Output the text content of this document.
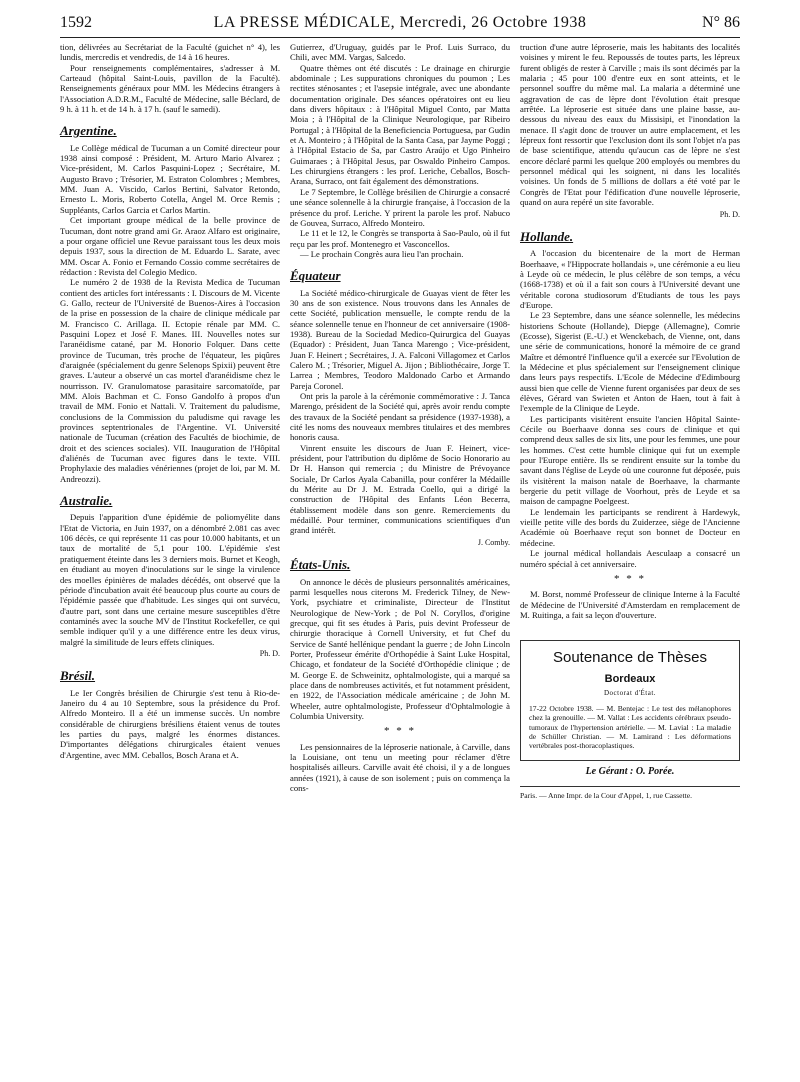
1592	LA PRESSE MÉDICALE, Mercredi, 26 Octobre 1938	N° 86

tion, délivrées au Secrétariat de la Faculté (guichet n° 4), les lundis, mercredis et vendredis, de 14 à 16 heures.

Pour renseignements complémentaires, s'adresser à M. Carteaud (hôpital Saint-Louis, pavillon de la Faculté). Renseignements généraux pour MM. les Médecins étrangers à l'Association A.D.R.M., Faculté de Médecine, salle Béclard, de 9 h. à 11 h. et de 14 h. à 17 h. (sauf le samedi).

Argentine.

Le Collège médical de Tucuman a un Comité directeur pour 1938 ainsi composé : Président, M. Arturo Mario Alvarez ; Vice-président, M. Carlos Pasquini-Lopez ; Secrétaire, M. Augusto Bravo ; Trésorier, M. Estraton Colombres ; Membres, MM. Juan A. Viscido, Carlos Bertini, Salvator Retondo, Ernesto L. Moris, Roberto Cotella, Angel M. Orce Remis ; Suppléants, Carlos Garcia et Carlos Martin.

Cet important groupe médical de la belle province de Tucuman, dont notre grand ami Gr. Araoz Alfaro est originaire, a pour organe officiel une Revue paraissant tous les deux mois depuis 1937, sous la direction de M. Eduardo L. Sarate, avec MM. Oscar A. Fonio et Fernando Cossio comme secrétaires de rédaction : Revista del Colegio Medico.

Le numéro 2 de 1938 de la Revista Medica de Tucuman contient des articles fort intéressants : I. Discours de M. Vicente G. Gallo, recteur de l'Université de Buenos-Aires à l'occasion de la prise en possession de la chaire de clinique médicale par M. Francisco C. Arillaga. II. Ectopie rénale par MM. C. Pasquini Lopez et José F. Manes. III. Nouvelles notes sur l'aranéidisme catané, par M. Honorio Folquer. Dans cette province de Tucuman, très proche de l'équateur, les piqûres d'araignée (spécialement du genre Selenops Spixii) peuvent être graves. L'auteur a observé un cas mortel d'aranéidisme chez le nourrisson. IV. Granulomatose parasitaire sarcomatoïde, par MM. Alois Bachman et C. Fonso Gandolfo à propos d'un travail de MM. Fonio et Nattali. V. Traitement du paludisme, conclusions de la Commission du paludisme qui ravage les provinces septentrionales de l'Argentine. VI. Université nationale de Tucuman (création des Facultés de biochimie, de droit et des sciences sociales). VII. Inauguration de l'Hôpital d'aliénés de Tucuman avec figures dans le texte. VIII. Prophylaxie des maladies vénériennes (projet de loi, par M. M. Andreozzi).

Australie.

Depuis l'apparition d'une épidémie de poliomyélite dans l'Etat de Victoria, en Juin 1937, on a dénombré 2.081 cas avec 106 décès, ce qui représente 11 cas pour 10.000 habitants, et un taux de mortalité de 5,1 pour 100. L'épidémie s'est pratiquement éteinte dans les 3 derniers mois. Burnet et Keogh, en étudiant au moyen d'inoculations sur le singe la virulence des moelles épinières de malades décédés, ont observé que la période d'incubation avait été beaucoup plus courte au cours de l'épidémie passée que d'habitude. Les singes qui ont survécu, d'autre part, sont dans une certaine mesure susceptibles d'être contaminés avec la souche MV de l'Institut Rockefeller, ce qui semble indiquer qu'il y a une différence entre les deux virus, malgré la similitude de leurs effets cliniques.

Ph. D.
Brésil.

Le Ier Congrès brésilien de Chirurgie s'est tenu à Rio-de-Janeiro du 4 au 10 Septembre, sous la présidence du Prof. Alfredo Monteiro. Il a été un immense succès. Un nombre considérable de chirurgiens brésiliens étaient venus de toutes les parties du pays, malgré les énormes distances. D'importantes délégations chirurgicales étaient venues d'Argentine, avec MM. Ceballos, Bosch Arana et A.

Gutierrez, d'Uruguay, guidés par le Prof. Luis Surraco, du Chili, avec MM. Vargas, Salcedo.

Quatre thèmes ont été discutés : Le drainage en chirurgie abdominale ; Les suppurations chroniques du poumon ; Les rectites sténosantes ; et l'asepsie intégrale, avec une abondante documentation originale. Des séances opératoires ont eu lieu dans divers hôpitaux : à l'Hôpital Miguel Conto, par Matta Moia ; à l'Hôpital de la Clinique Neurologique, par Ribeiro Portugal ; à l'Hôpital de la Beneficiencia Portuguesa, par Gudin et A. Monteiro ; à l'Hôpital de la Santa Casa, par Jayme Poggi ; à l'Hôpital Estacio de Sa, par Castro Araújo et Ugo Pinheiro Guimaraes ; à l'Hôpital Jesus, par Oswaldo Pinheiro Campos. Les chirurgiens étrangers : les prof. Leriche, Ceballos, Bosch-Arana, Surraco, ont fait également des démonstrations.

Le 7 Septembre, le Collège brésilien de Chirurgie a consacré une séance solennelle à la chirurgie française, à l'occasion de la présence du prof. Leriche. Y prirent la parole les prof. Nabuco de Gouvea, Surraco, Alfredo Monteiro.

Le 11 et le 12, le Congrès se transporta à Sao-Paulo, où il fut reçu par les prof. Montenegro et Vasconcellos.

— Le prochain Congrès aura lieu l'an prochain.

Équateur

La Société médico-chirurgicale de Guayas vient de fêter les 30 ans de son existence. Nous trouvons dans les Annales de cette Société, publication mensuelle, le compte rendu de la séance solennelle tenue en l'honneur de cet anniversaire (1908-1938). Bureau de la Sociedad Medico-Quirurgica del Guayas (Equador) : Président, Juan Tanca Marengo ; Vice-président, Juan F. Heinert ; Secrétaires, J. A. Falconi Villagomez et Carlos Calero M. ; Trésorier, Miguel A. Jijon ; Bibliothécaire, Jorge T. Larrea ; Membres, Teodoro Maldonado Carbo et Armando Pareja Coronel.

Ont pris la parole à la cérémonie commémorative : J. Tanca Marengo, président de la Société qui, après avoir rendu compte des travaux de la Société pendant sa présidence (1937-1938), a cité les noms des nouveaux membres titulaires et des membres honoris causa.

Vinrent ensuite les discours de Juan F. Heinert, vice-président, pour l'attribution du diplôme de Socio Honorario au Dr H. Hanson qui remercia ; du Ministre de Prévoyance Sociale, Dr Carlos Ayala Cabanilla, pour conférer la Médaille du Mérite au Dr J. M. Estrada Coello, qui a dirigé la construction de l'Hôpital des Enfants Léon Becerra, établissement modèle dans son genre. Remerciements du médaillé. Pour terminer, communications scientifiques d'un grand intérêt.

J. Comby.
États-Unis.

On annonce le décès de plusieurs personnalités américaines, parmi lesquelles nous citerons M. Frederick Tilney, de New-York, psychiatre et criminaliste, Directeur de l'Institut Neurologique de New-York ; de Pol N. Coryllos, d'origine grecque, qui fit ses études à Paris, puis devint Professeur de chirurgie thoracique à Cornell University, et fut Chef du Service de Santé hellénique pendant la guerre ; de John Lincoln Porter, Professeur émérite d'Orthopédie à Saint Luke Hospital, Chicago, et fondateur de la Société d'Orthopédie clinique ; de M. George E. de Schweinitz, ophtalmologiste, qui a marqué sa place dans de nombreuses activités, et fut notamment président, en 1922, de l'Association médicale américaine ; de John M. Wheeler, autre ophtalmologiste, Professeur d'Ophtalmologie à Columbia University.

* * *

Les pensionnaires de la léproserie nationale, à Carville, dans la Louisiane, ont tenu un meeting pour réclamer d'être hospitalisés ailleurs. Carville avait été choisi, il y a de longues années (1921), à cause de son isolement ; puis on commença la cons-

truction d'une autre léproserie, mais les habitants des localités voisines y mirent le feu. Repoussés de toutes parts, les lépreux furent obligés de rester à Carville ; mais ils sont décimés par la malaria ; 45 pour 100 d'entre eux en sont atteints, et le personnel souffre du même mal. La malaria a déterminé une aggravation de cas de lèpre dont l'évolution était presque arrêtée. La léproserie est située dans une plaine basse, au-dessous du niveau des eaux du Missisipi, et l'inondation la menace. Il s'agit donc de trouver un autre emplacement, et les lépreux font ressortir que l'exclusion dont ils sont l'objet n'a pas de base scientifique, attendu qu'aucun cas de lèpre ne s'est encore déclaré parmi les quelque 200 employés ou membres du personnel médical qui les soignent, ni dans les localités voisines. Un fonds de 5 millions de dollars a été voté par le Congrès de l'Etat pour l'édification d'une nouvelle léproserie, quand on aura repéré un site favorable.

Ph. D.
Hollande.

A l'occasion du bicentenaire de la mort de Herman Boerhaave, « l'Hippocrate hollandais », une cérémonie a eu lieu à Leyde où ce médecin, le plus célèbre de son temps, a vécu (1668-1738) et où il a fait son cours à l'Université devant une véritable corona studiosorum d'Etudiants de tous les pays d'Europe.

Le 23 Septembre, dans une séance solennelle, les médecins historiens Schoute (Hollande), Diepge (Allemagne), Comrie (Ecosse), Sigerist (E.-U.) et Wenckebach, de Vienne, ont, dans une série de communications, honoré la mémoire de ce grand Maître et démontré l'influence qu'il a exercée sur l'Evolution de la Médecine et plus spécialement sur l'enseignement clinique dans leurs pays respectifs. L'Ecole de Médecine d'Edimbourg aussi bien que celle de Vienne furent organisées par deux de ses élèves, Gérard van Swieten et Anton de Haen, tout à fait à l'exemple de la Clinique de Leyde.

Les participants visitèrent ensuite l'ancien Hôpital Sainte-Cécile ou Boerhaave donna ses cours de clinique et qui comprend deux salles de six lits, une pour les femmes, une pour les hommes. C'est cette humble clinique qui fut un exemple pour l'Europe entière. Ils se rendirent ensuite sur la tombe du savant dans l'église de Leyde où une couronne fut déposée, puis ils visitèrent la maison natale de Boerhaave, la charmante bergerie du petit village de Voorhout, près de Leyde et sa maison de campagne Poelgeest.

Le lendemain les participants se rendirent à Hardewyk, vieille petite ville des bords du Zuiderzee, siège de l'Ancienne Académie où Boerhaave reçut son bonnet de Docteur en médecine.

Le journal médical hollandais Aesculaap a consacré un numéro spécial à cet anniversaire.

* * *

M. Borst, nommé Professeur de clinique Interne à la Faculté de Médecine de l'Université d'Amsterdam en remplacement de M. Ruitinga, a fait sa leçon d'ouverture.

Soutenance de Thèses
Bordeaux
Doctorat d'État.
17-22 Octobre 1938. — M. Bentejac : Le test des mélanophores chez la grenouille. — M. Vallat : Les accidents cérébraux pseudo-tumoraux de l'hypertension artérielle. — M. Lavial : La maladie de Schüller Christian. — M. Lamirand : Les déformations vertébrales post-thoracoplastiques.
Le Gérant : O. Porée.
Paris. — Anne Impr. de la Cour d'Appel, 1, rue Cassette.
